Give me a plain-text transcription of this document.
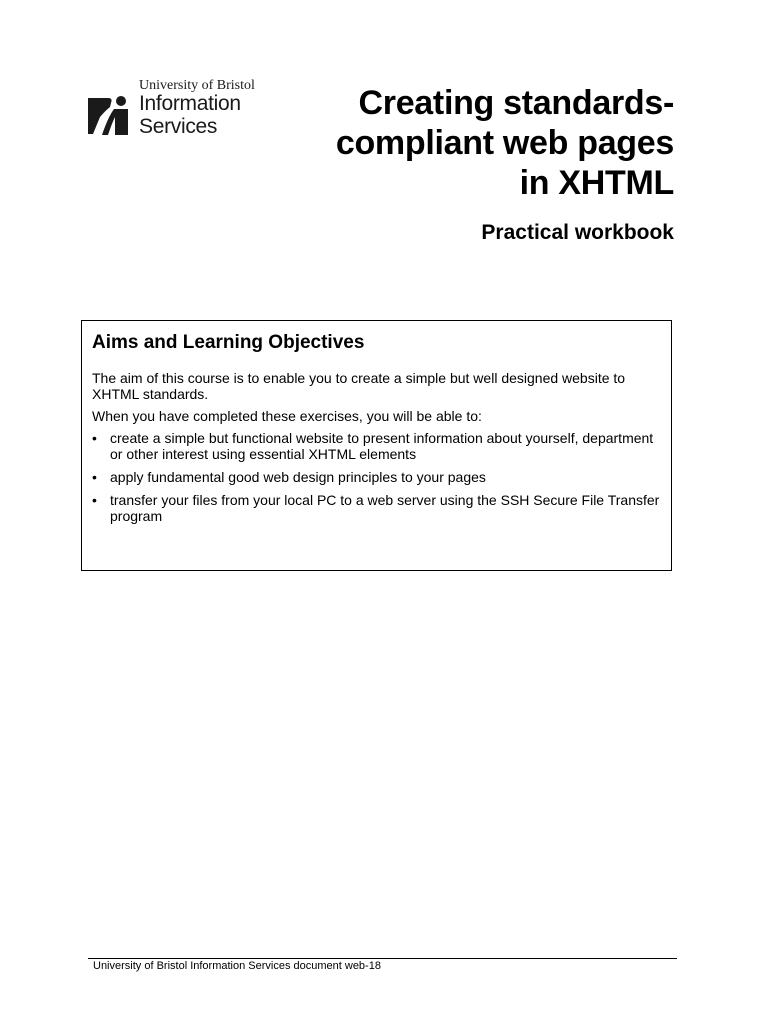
University of Bristol
Information
Services
Creating standards-
compliant web pages
in XHTML
Practical workbook
Aims and Learning Objectives

The aim of this course is to enable you to create a simple but well designed website to XHTML standards.

When you have completed these exercises, you will be able to:

• create a simple but functional website to present information about yourself, department or other interest using essential XHTML elements
• apply fundamental good web design principles to your pages
• transfer your files from your local PC to a web server using the SSH Secure File Transfer program
University of Bristol Information Services document web-18
